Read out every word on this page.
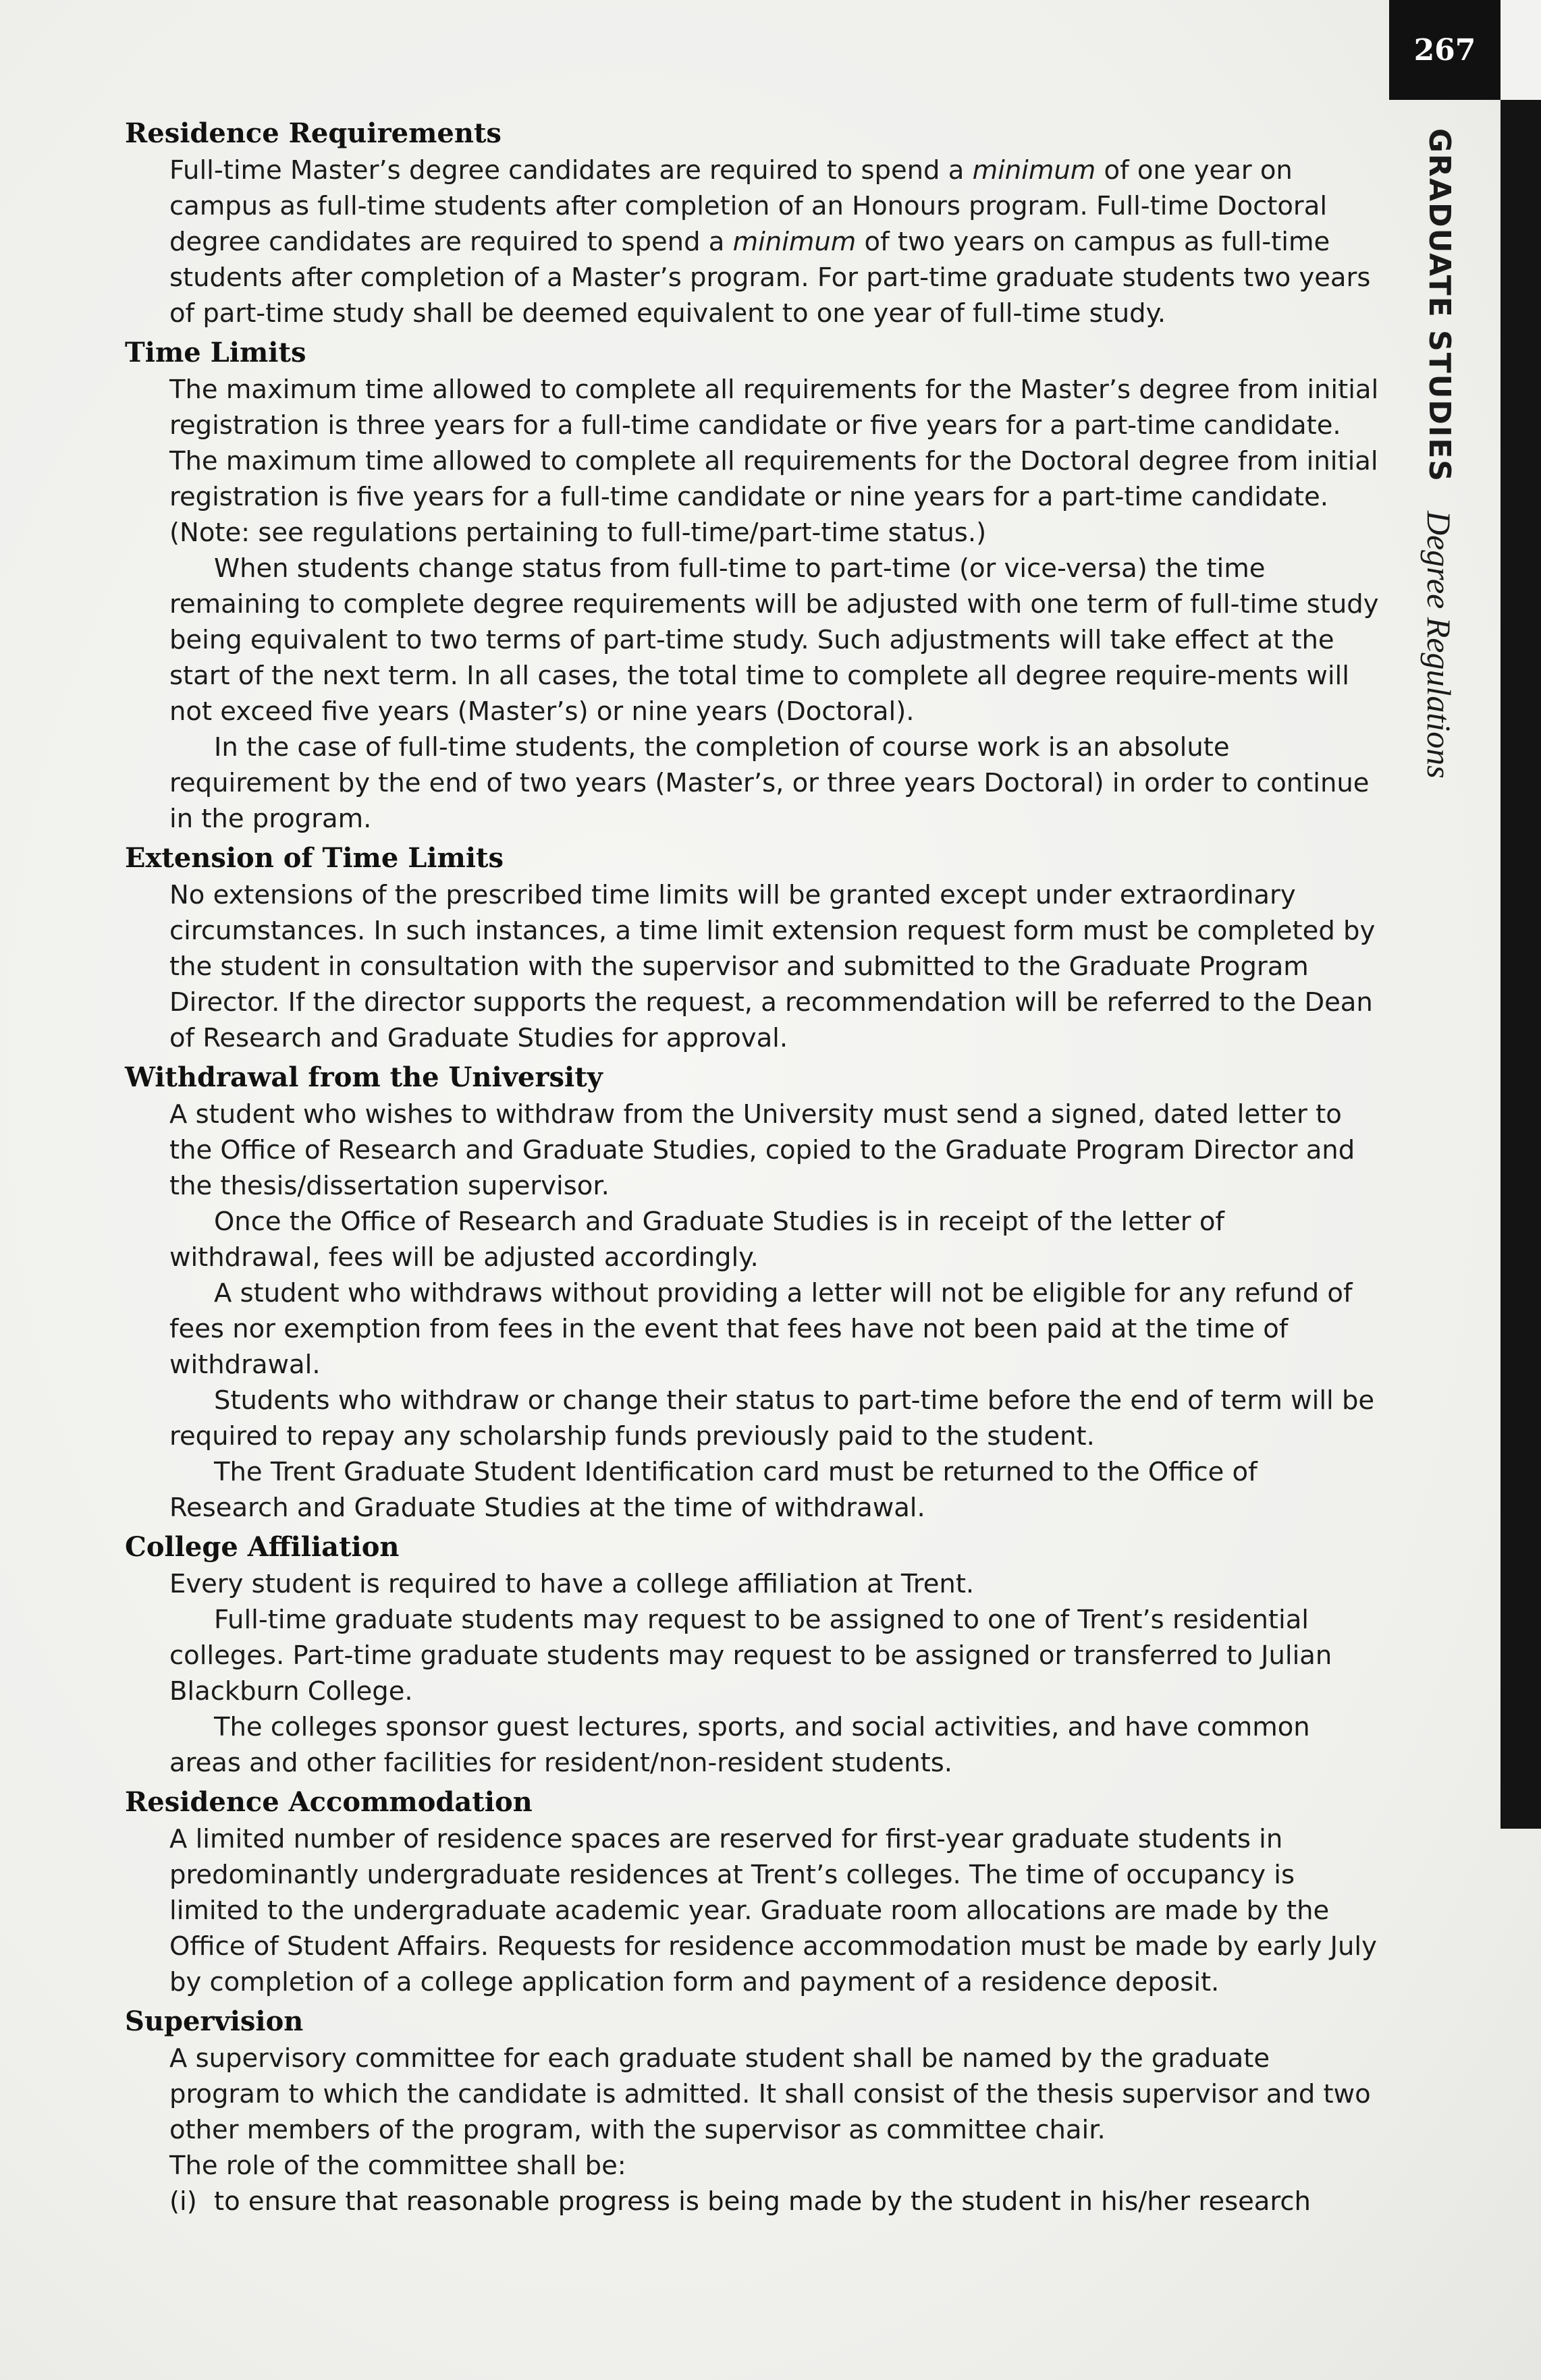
267
GRADUATE STUDIES Degree Regulations
Residence Requirements

Full-time Master’s degree candidates are required to spend a minimum of one year on campus as full-time students after completion of an Honours program. Full-time Doctoral degree candidates are required to spend a minimum of two years on campus as full-time students after completion of a Master’s program. For part-time graduate students two years of part-time study shall be deemed equivalent to one year of full-time study.

Time Limits

The maximum time allowed to complete all requirements for the Master’s degree from initial registration is three years for a full-time candidate or five years for a part-time candidate. The maximum time allowed to complete all requirements for the Doctoral degree from initial registration is five years for a full-time candidate or nine years for a part-time candidate. (Note: see regulations pertaining to full-time/part-time status.)

When students change status from full-time to part-time (or vice-versa) the time remaining to complete degree requirements will be adjusted with one term of full-time study being equivalent to two terms of part-time study. Such adjustments will take effect at the start of the next term. In all cases, the total time to complete all degree require-ments will not exceed five years (Master’s) or nine years (Doctoral).

In the case of full-time students, the completion of course work is an absolute requirement by the end of two years (Master’s, or three years Doctoral) in order to continue in the program.

Extension of Time Limits

No extensions of the prescribed time limits will be granted except under extraordinary circumstances. In such instances, a time limit extension request form must be completed by the student in consultation with the supervisor and submitted to the Graduate Program Director. If the director supports the request, a recommendation will be referred to the Dean of Research and Graduate Studies for approval.

Withdrawal from the University

A student who wishes to withdraw from the University must send a signed, dated letter to the Office of Research and Graduate Studies, copied to the Graduate Program Director and the thesis/dissertation supervisor.

Once the Office of Research and Graduate Studies is in receipt of the letter of withdrawal, fees will be adjusted accordingly.

A student who withdraws without providing a letter will not be eligible for any refund of fees nor exemption from fees in the event that fees have not been paid at the time of withdrawal.

Students who withdraw or change their status to part-time before the end of term will be required to repay any scholarship funds previously paid to the student.

The Trent Graduate Student Identification card must be returned to the Office of Research and Graduate Studies at the time of withdrawal.

College Affiliation

Every student is required to have a college affiliation at Trent.

Full-time graduate students may request to be assigned to one of Trent’s residential colleges. Part-time graduate students may request to be assigned or transferred to Julian Blackburn College.

The colleges sponsor guest lectures, sports, and social activities, and have common areas and other facilities for resident/non-resident students.

Residence Accommodation

A limited number of residence spaces are reserved for first-year graduate students in predominantly undergraduate residences at Trent’s colleges. The time of occupancy is limited to the undergraduate academic year. Graduate room allocations are made by the Office of Student Affairs. Requests for residence accommodation must be made by early July by completion of a college application form and payment of a residence deposit.

Supervision

A supervisory committee for each graduate student shall be named by the graduate program to which the candidate is admitted. It shall consist of the thesis supervisor and two other members of the program, with the supervisor as committee chair.

The role of the committee shall be:

(i) to ensure that reasonable progress is being made by the student in his/her research
